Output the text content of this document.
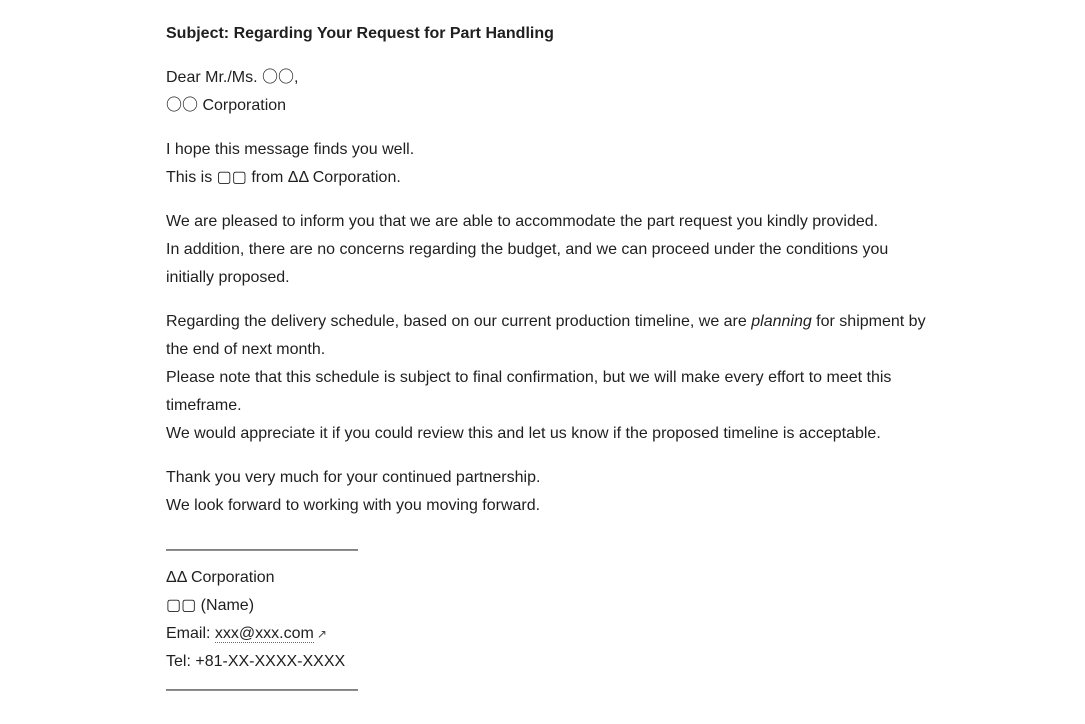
Subject: Regarding Your Request for Part Handling

Dear Mr./Ms. 〇〇,
〇〇 Corporation

I hope this message finds you well.
This is ▢▢ from ΔΔ Corporation.

We are pleased to inform you that we are able to accommodate the part request you kindly provided.
In addition, there are no concerns regarding the budget, and we can proceed under the conditions you initially proposed.

Regarding the delivery schedule, based on our current production timeline, we are planning for shipment by the end of next month.
Please note that this schedule is subject to final confirmation, but we will make every effort to meet this timeframe.
We would appreciate it if you could review this and let us know if the proposed timeline is acceptable.

Thank you very much for your continued partnership.
We look forward to working with you moving forward.

————————————
ΔΔ Corporation
▢▢ (Name)
Email: xxx@xxx.com ↗
Tel: +81-XX-XXXX-XXXX
————————————
